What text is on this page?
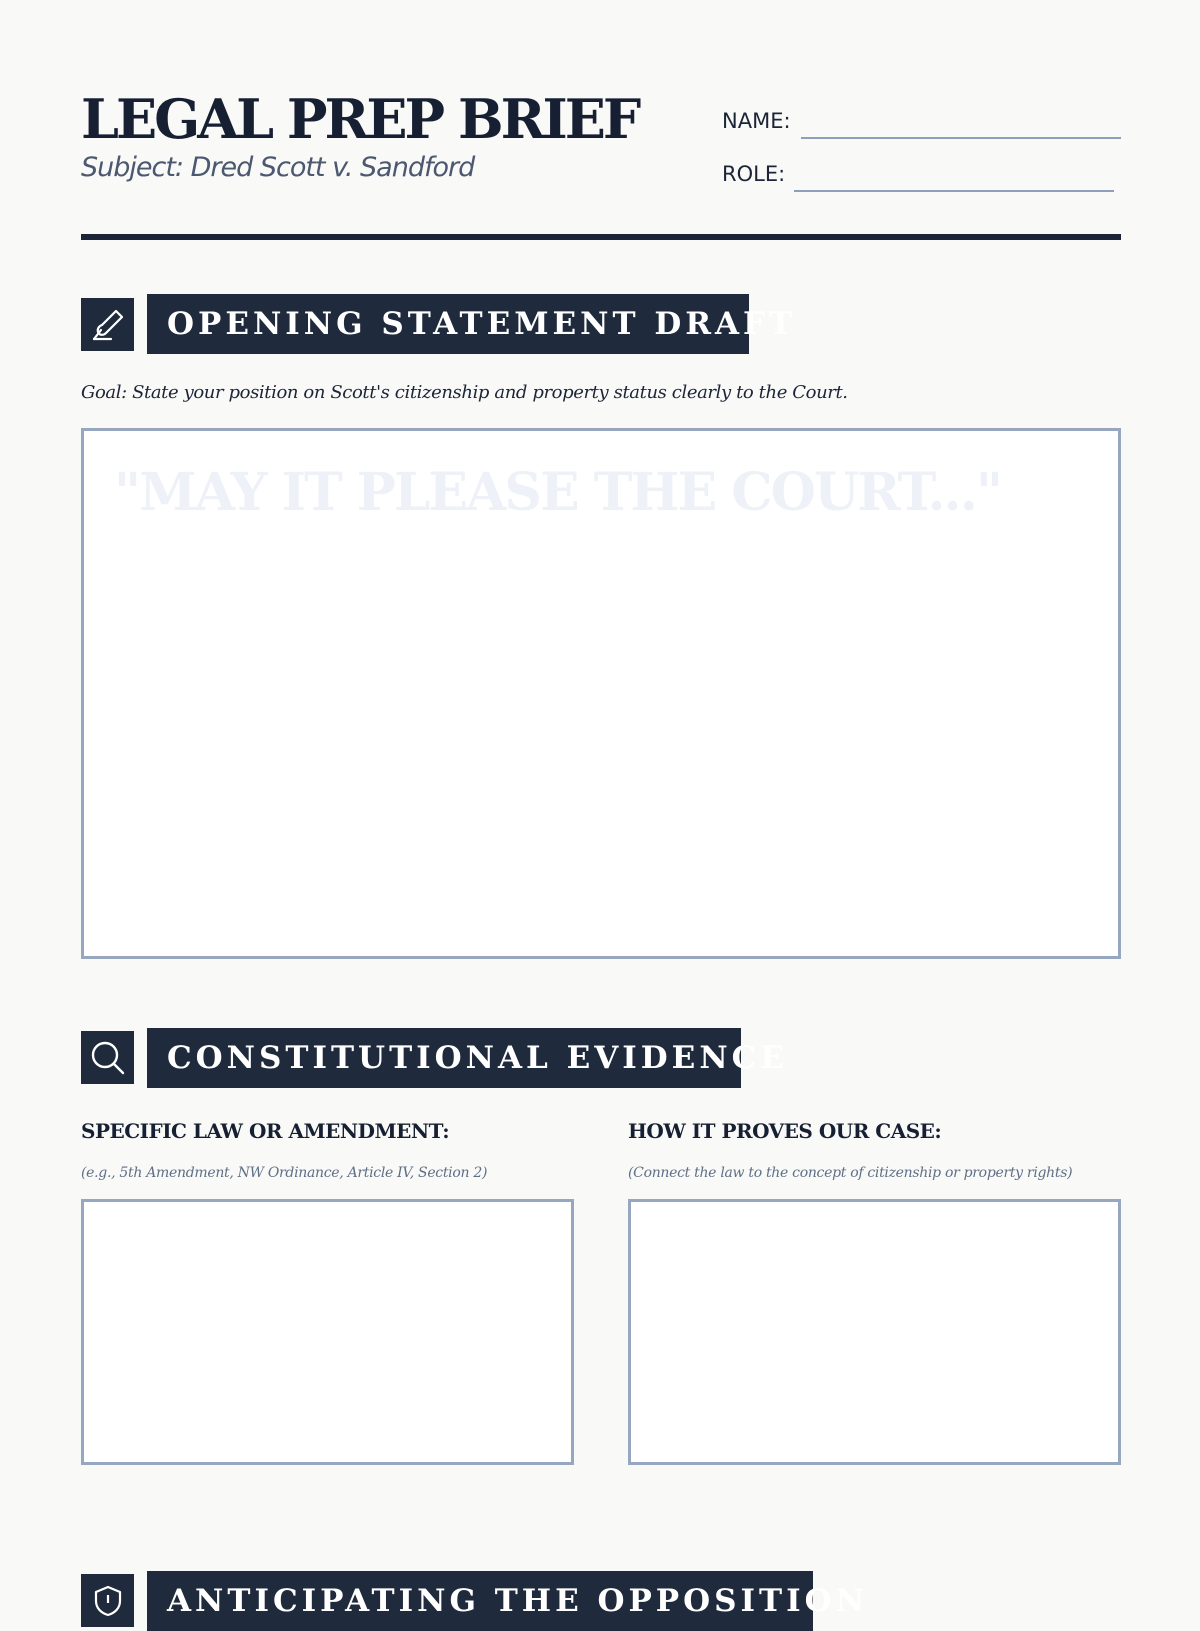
LEGAL PREP BRIEF
Subject: Dred Scott v. Sandford
NAME:
ROLE:
OPENING STATEMENT DRAFT
Goal: State your position on Scott's citizenship and property status clearly to the Court.
"MAY IT PLEASE THE COURT..."
CONSTITUTIONAL EVIDENCE
SPECIFIC LAW OR AMENDMENT:
(e.g., 5th Amendment, NW Ordinance, Article IV, Section 2)
HOW IT PROVES OUR CASE:
(Connect the law to the concept of citizenship or property rights)
ANTICIPATING THE OPPOSITION
